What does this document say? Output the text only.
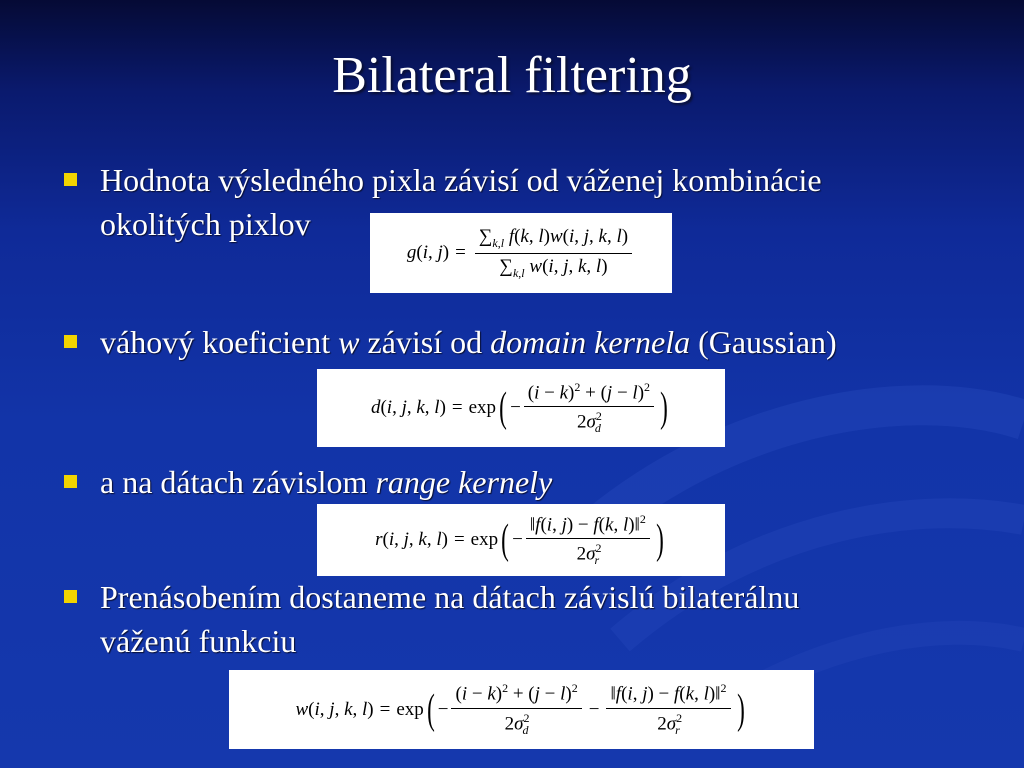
Bilateral filtering
Hodnota výsledného pixla závisí od váženej kombinácie
okolitých pixlov
g(i, $j) = \frac{\sum_{k,l} f(k, l)w(i, j, k, l)}{\sum_{k,l} w(i, j, k, l)}$
váhový koeficient w závisí od domain kernela (Gaussian)
d(i, j, k, l) = exp ( − $\frac{(i - k)^2 + (j - l)^2}{2\sigma^2_d}$ )
a na dátach závislom range kernely
r(i, j, k, l) = exp ( − $\frac{‖f(i, j) - f(k, l)‖^2}{2\sigma^2_r}$ )
Prenásobením dostaneme na dátach závislú bilaterálnu
váženú funkciu
w(i, j, k, l) = exp ( − $\frac{(i - k)^2 + (j - l)^2}{2\sigma^2_d} - \frac{‖f(i, j) - f(k, l)‖^2}{2\sigma^2_r}$ )
